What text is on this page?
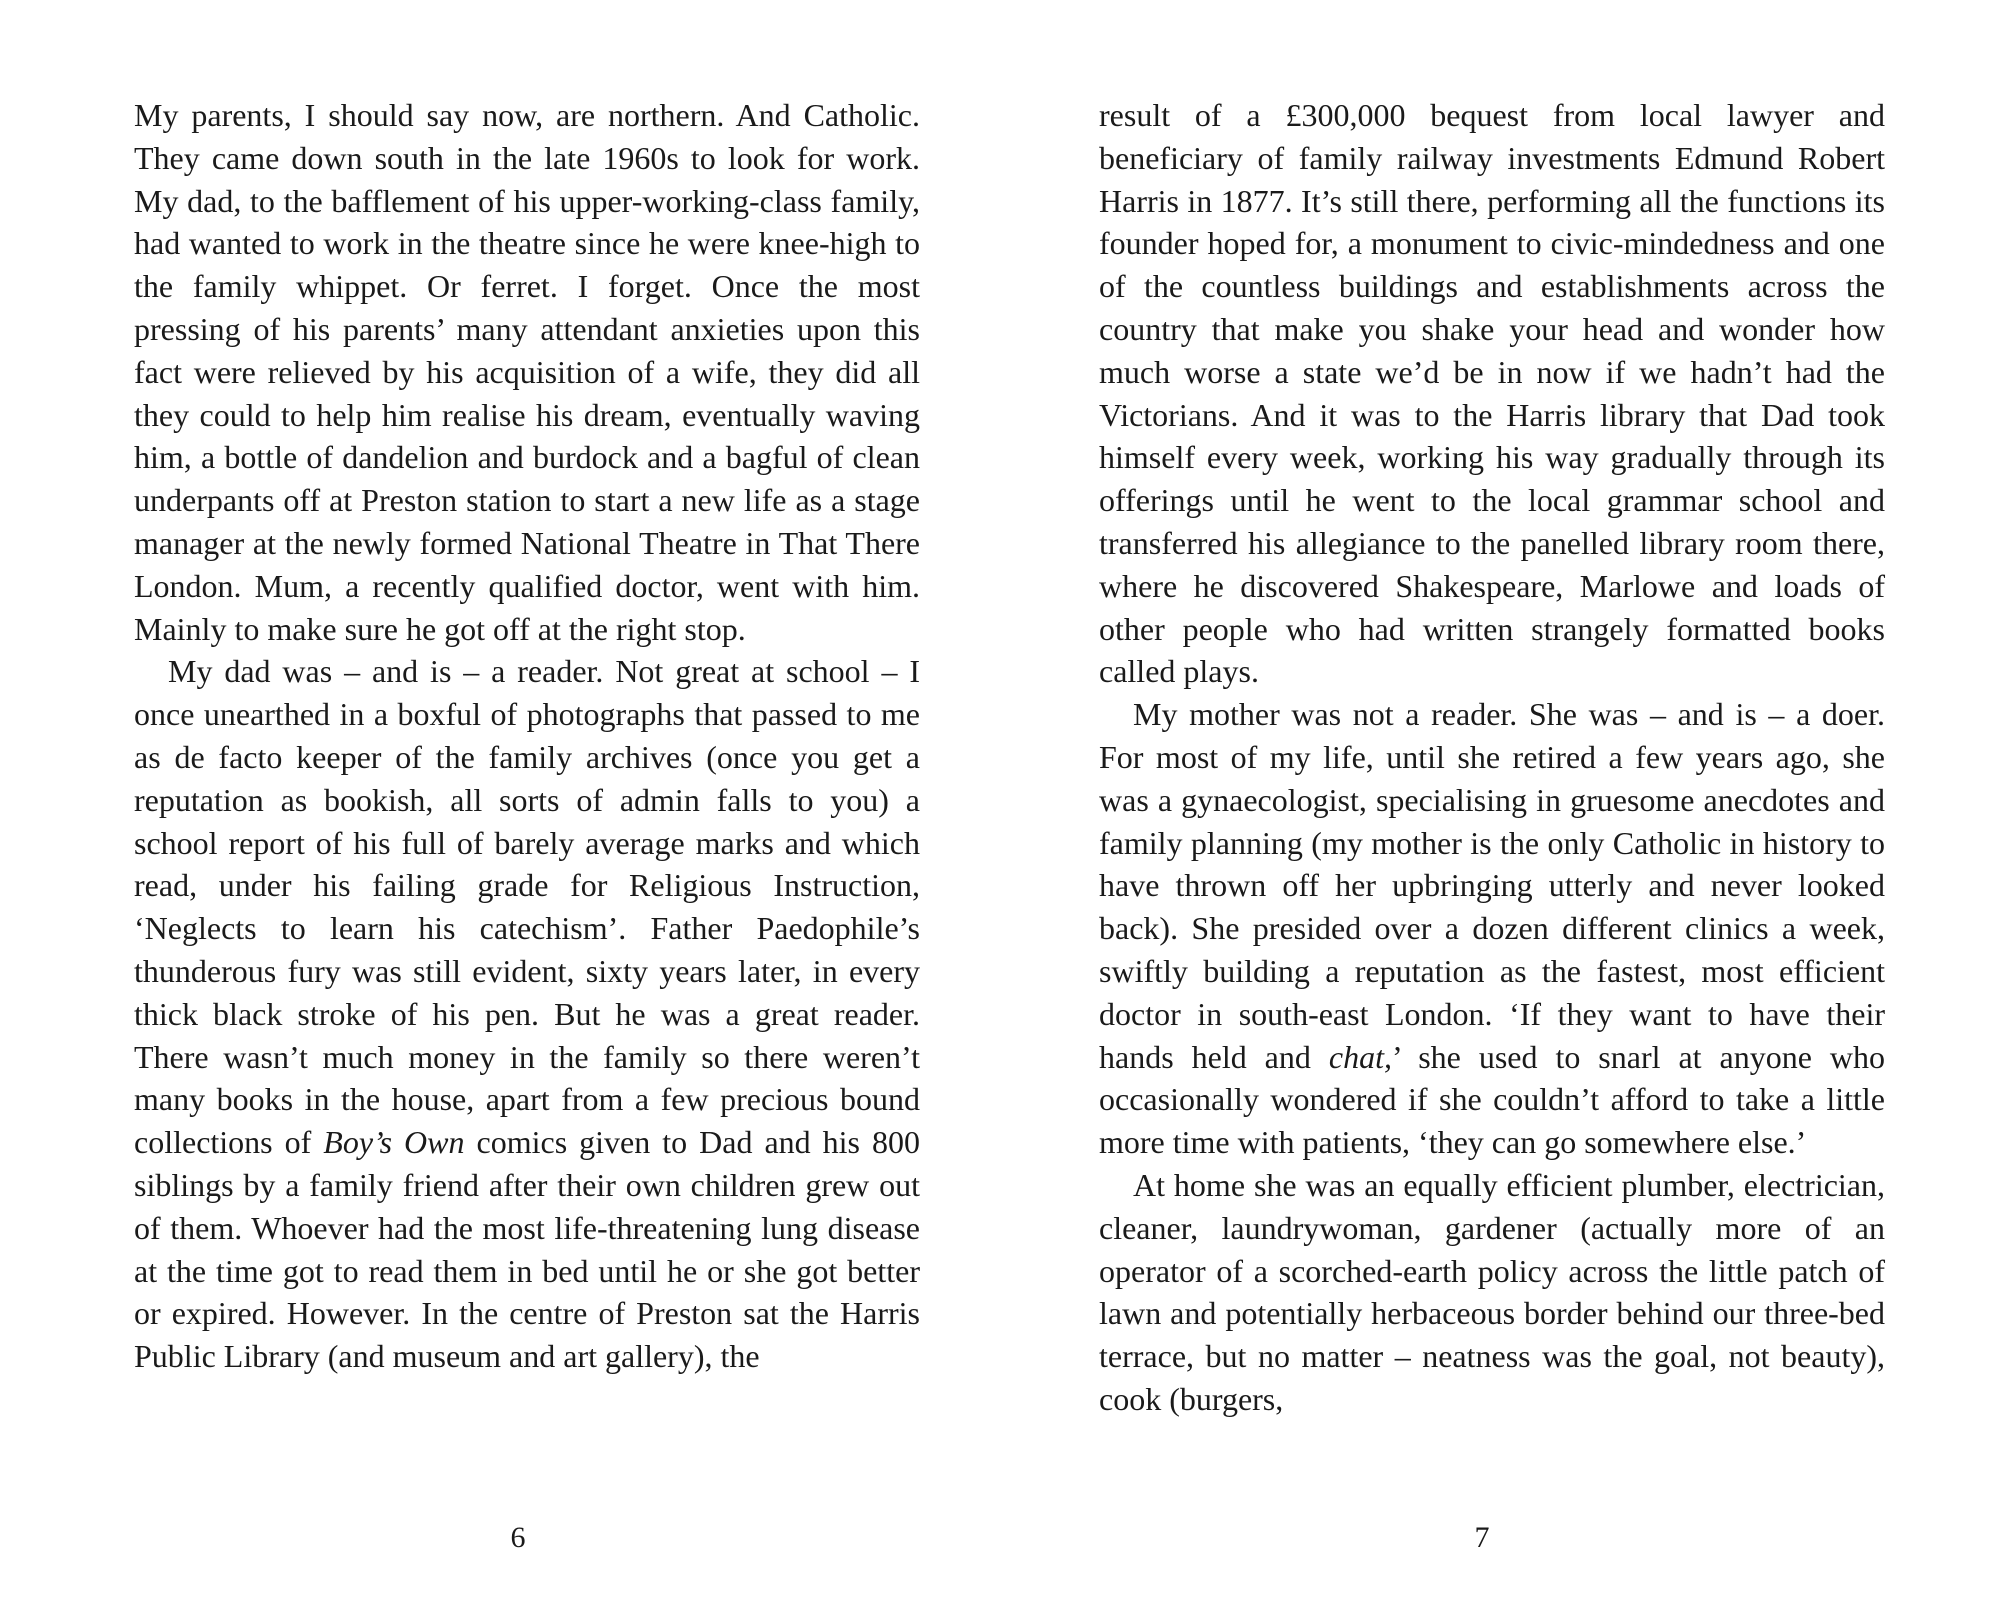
My parents, I should say now, are northern. And Catholic. They came down south in the late 1960s to look for work. My dad, to the bafflement of his upper-working-class family, had wanted to work in the theatre since he were knee-high to the family whippet. Or ferret. I forget. Once the most pressing of his parents’ many attendant anxieties upon this fact were relieved by his acquisition of a wife, they did all they could to help him realise his dream, eventually waving him, a bottle of dandelion and burdock and a bagful of clean underpants off at Preston station to start a new life as a stage manager at the newly formed National Theatre in That There London. Mum, a recently qualified doctor, went with him. Mainly to make sure he got off at the right stop.

My dad was – and is – a reader. Not great at school – I once unearthed in a boxful of photographs that passed to me as de facto keeper of the family archives (once you get a reputation as bookish, all sorts of admin falls to you) a school report of his full of barely average marks and which read, under his failing grade for Religious Instruction, ‘Neglects to learn his catechism’. Father Paedophile’s thunderous fury was still evident, sixty years later, in every thick black stroke of his pen. But he was a great reader. There wasn’t much money in the family so there weren’t many books in the house, apart from a few precious bound collections of Boy’s Own comics given to Dad and his 800 siblings by a family friend after their own children grew out of them. Whoever had the most life-threatening lung disease at the time got to read them in bed until he or she got better or expired. However. In the centre of Preston sat the Harris Public Library (and museum and art gallery), the

6

result of a £300,000 bequest from local lawyer and beneficiary of family railway investments Edmund Robert Harris in 1877. It’s still there, performing all the functions its founder hoped for, a monument to civic-mindedness and one of the countless buildings and establishments across the country that make you shake your head and wonder how much worse a state we’d be in now if we hadn’t had the Victorians. And it was to the Harris library that Dad took himself every week, working his way gradually through its offerings until he went to the local grammar school and transferred his allegiance to the panelled library room there, where he discovered Shakespeare, Marlowe and loads of other people who had written strangely formatted books called plays.

My mother was not a reader. She was – and is – a doer. For most of my life, until she retired a few years ago, she was a gynaecologist, specialising in gruesome anecdotes and family planning (my mother is the only Catholic in history to have thrown off her upbringing utterly and never looked back). She presided over a dozen different clinics a week, swiftly building a reputation as the fastest, most efficient doctor in south-east London. ‘If they want to have their hands held and chat,’ she used to snarl at anyone who occasionally wondered if she couldn’t afford to take a little more time with patients, ‘they can go somewhere else.’

At home she was an equally efficient plumber, electrician, cleaner, laundrywoman, gardener (actually more of an operator of a scorched-earth policy across the little patch of lawn and potentially herbaceous border behind our three-bed terrace, but no matter – neatness was the goal, not beauty), cook (burgers,

7
